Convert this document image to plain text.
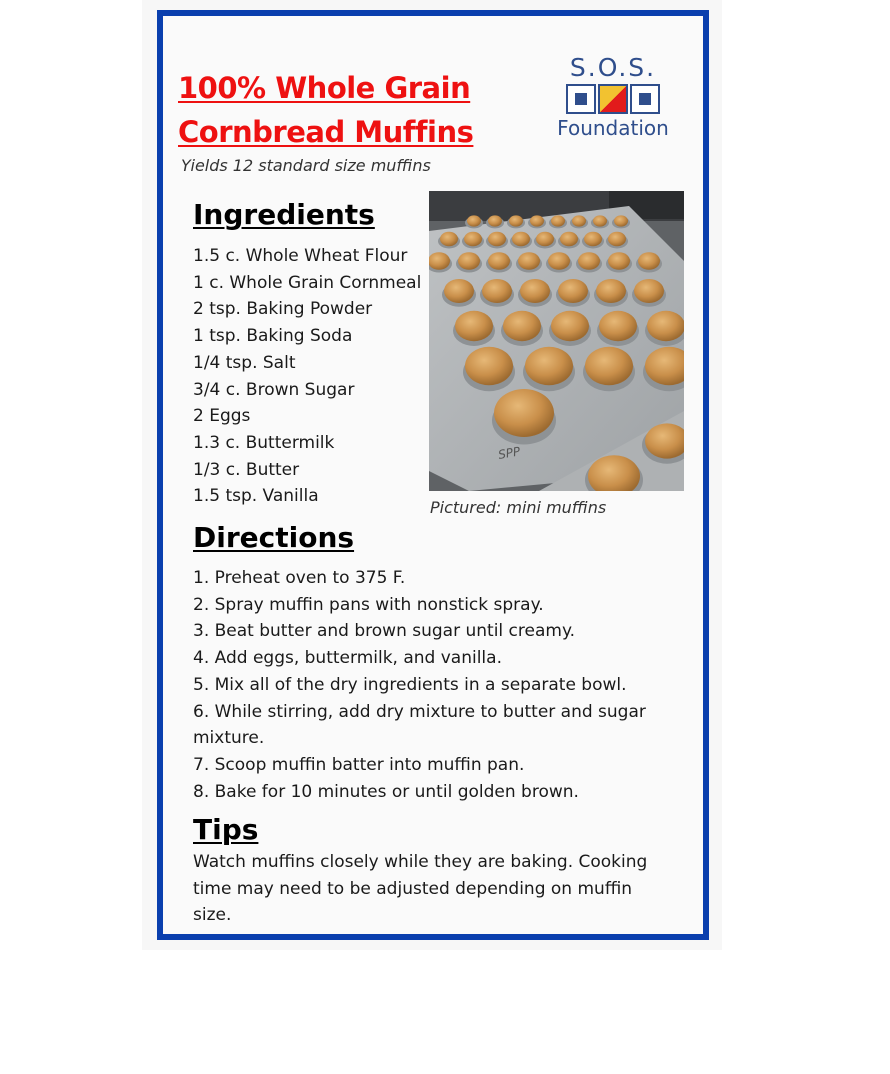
100% Whole Grain
Cornbread Muffins
Yields 12 standard size muffins
S.O.S.
Foundation
Ingredients
1.5 c. Whole Wheat Flour
1 c. Whole Grain Cornmeal
2 tsp. Baking Powder
1 tsp. Baking Soda
1/4 tsp. Salt
3/4 c. Brown Sugar
2 Eggs
1.3 c. Buttermilk
1/3 c. Butter
1.5 tsp. Vanilla
SPP
Pictured: mini muffins
Directions
1. Preheat oven to 375 F.
2. Spray muffin pans with nonstick spray.
3. Beat butter and brown sugar until creamy.
4. Add eggs, buttermilk, and vanilla.
5. Mix all of the dry ingredients in a separate bowl.
6. While stirring, add dry mixture to butter and sugar mixture.
7. Scoop muffin batter into muffin pan.
8. Bake for 10 minutes or until golden brown.
Tips

Watch muffins closely while they are baking. Cooking time may need to be adjusted depending on muffin size.
